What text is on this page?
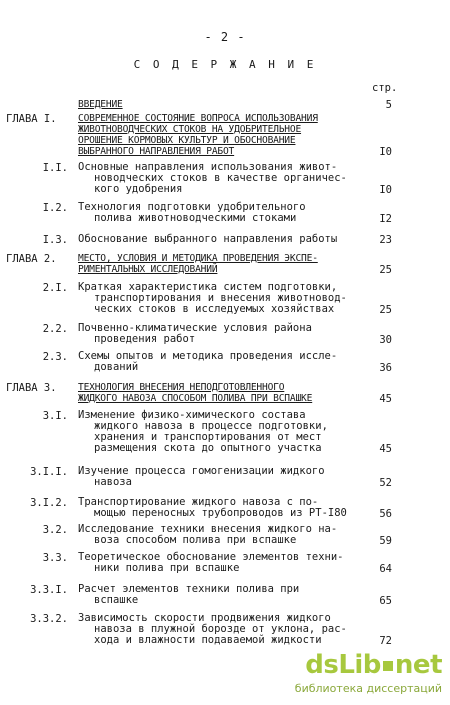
- 2 -
С О Д Е Р Ж А Н И Е
стр.
ВВЕДЕНИЕ	5
ГЛАВА I. СОВРЕМЕННОЕ СОСТОЯНИЕ ВОПРОСА ИСПОЛЬЗОВАНИЯ
ЖИВОТНОВОДЧЕСКИХ СТОКОВ НА УДОБРИТЕЛЬНОЕ
ОРОШЕНИЕ КОРМОВЫХ КУЛЬТУР И ОБОСНОВАНИЕ
ВЫБРАННОГО НАПРАВЛЕНИЯ РАБОТ	I0
I.I. Основные направления использования живот-
новодческих стоков в качестве органичес-
кого удобрения	I0
I.2. Технология подготовки удобрительного
полива животноводческими стоками	I2
I.3. Обоснование выбранного направления работы	23
ГЛАВА 2. МЕСТО, УСЛОВИЯ И МЕТОДИКА ПРОВЕДЕНИЯ ЭКСПЕ-
РИМЕНТАЛЬНЫХ ИССЛЕДОВАНИЙ	25
2.I. Краткая характеристика систем подготовки,
транспортирования и внесения животновод-
ческих стоков в исследуемых хозяйствах	25
2.2. Почвенно-климатические условия района
проведения работ	30
2.3. Схемы опытов и методика проведения иссле-
дований	36
ГЛАВА 3. ТЕХНОЛОГИЯ ВНЕСЕНИЯ НЕПОДГОТОВЛЕННОГО
ЖИДКОГО НАВОЗА СПОСОБОМ ПОЛИВА ПРИ ВСПАШКЕ	45
3.I. Изменение физико-химического состава
жидкого навоза в процессе подготовки,
хранения и транспортирования от мест
размещения скота до опытного участка	45
3.I.I. Изучение процесса гомогенизации жидкого
навоза	52
3.I.2. Транспортирование жидкого навоза с по-
мощью переносных трубопроводов из РТ-I80	56
3.2. Исследование техники внесения жидкого на-
воза способом полива при вспашке	59
3.3. Теоретическое обоснование элементов техни-
ники полива при вспашке	64
3.3.I. Расчет элементов техники полива при
вспашке	65
3.3.2. Зависимость скорости продвижения жидкого
навоза в плужной борозде от уклона, рас-
хода и влажности подаваемой жидкости	72
dsLib net
библиотека диссертаций
